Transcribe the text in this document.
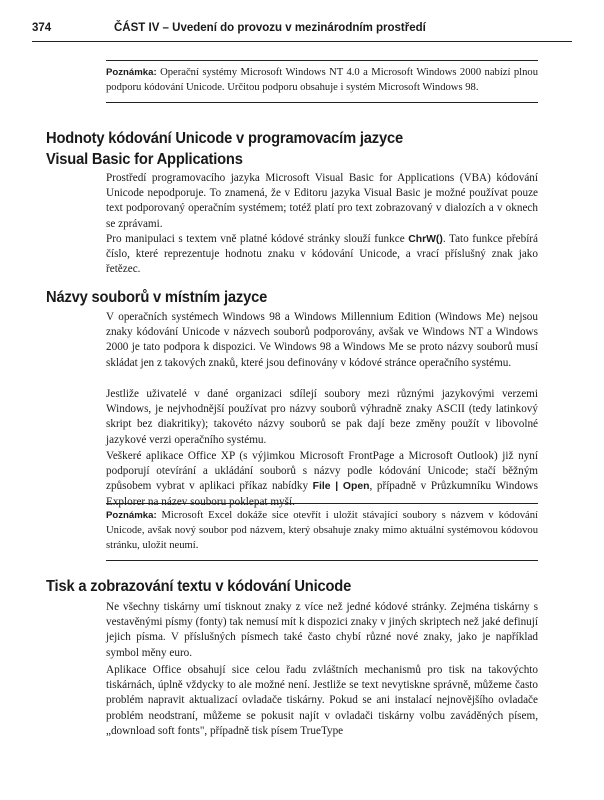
374	ČÁST IV – Uvedení do provozu v mezinárodním prostředí
Poznámka: Operační systémy Microsoft Windows NT 4.0 a Microsoft Windows 2000 nabízí plnou podporu kódování Unicode. Určitou podporu obsahuje i systém Microsoft Windows 98.
Hodnoty kódování Unicode v programovacím jazyce
Visual Basic for Applications

Prostředí programovacího jazyka Microsoft Visual Basic for Applications (VBA) kódování Unicode nepodporuje. To znamená, že v Editoru jazyka Visual Basic je možné používat pouze text podporovaný operačním systémem; totéž platí pro text zobrazovaný v dialozích a v oknech se zprávami.

Pro manipulaci s textem vně platné kódové stránky slouží funkce ChrW(). Tato funkce přebírá číslo, které reprezentuje hodnotu znaku v kódování Unicode, a vrací příslušný znak jako řetězec.

Názvy souborů v místním jazyce

V operačních systémech Windows 98 a Windows Millennium Edition (Windows Me) nejsou znaky kódování Unicode v názvech souborů podporovány, avšak ve Windows NT a Windows 2000 je tato podpora k dispozici. Ve Windows 98 a Windows Me se proto názvy souborů musí skládat jen z takových znaků, které jsou definovány v kódové stránce operačního systému.

Jestliže uživatelé v dané organizaci sdílejí soubory mezi různými jazykovými verzemi Windows, je nejvhodnější používat pro názvy souborů výhradně znaky ASCII (tedy latinkový skript bez diakritiky); takovéto názvy souborů se pak dají beze změny použít v libovolné jazykové verzi operačního systému.

Veškeré aplikace Office XP (s výjimkou Microsoft FrontPage a Microsoft Outlook) již nyní podporují otevírání a ukládání souborů s názvy podle kódování Unicode; stačí běžným způsobem vybrat v aplikaci příkaz nabídky File | Open, případně v Průzkumníku Windows Explorer na název souboru poklepat myší.

Poznámka: Microsoft Excel dokáže sice otevřít i uložit stávající soubory s názvem v kódování Unicode, avšak nový soubor pod názvem, který obsahuje znaky mimo aktuální systémovou kódovou stránku, uložit neumí.
Tisk a zobrazování textu v kódování Unicode

Ne všechny tiskárny umí tisknout znaky z více než jedné kódové stránky. Zejména tiskárny s vestavěnými písmy (fonty) tak nemusí mít k dispozici znaky v jiných skriptech než jaké definují jejich písma. V příslušných písmech také často chybí různé nové znaky, jako je například symbol měny euro.

Aplikace Office obsahují sice celou řadu zvláštních mechanismů pro tisk na takovýchto tiskárnách, úplně vždycky to ale možné není. Jestliže se text nevytiskne správně, můžeme často problém napravit aktualizací ovladače tiskárny. Pokud se ani instalací nejnovějšího ovladače problém neodstraní, můžeme se pokusit najít v ovladači tiskárny volbu zaváděných písem, „download soft fonts", případně tisk písem TrueType
